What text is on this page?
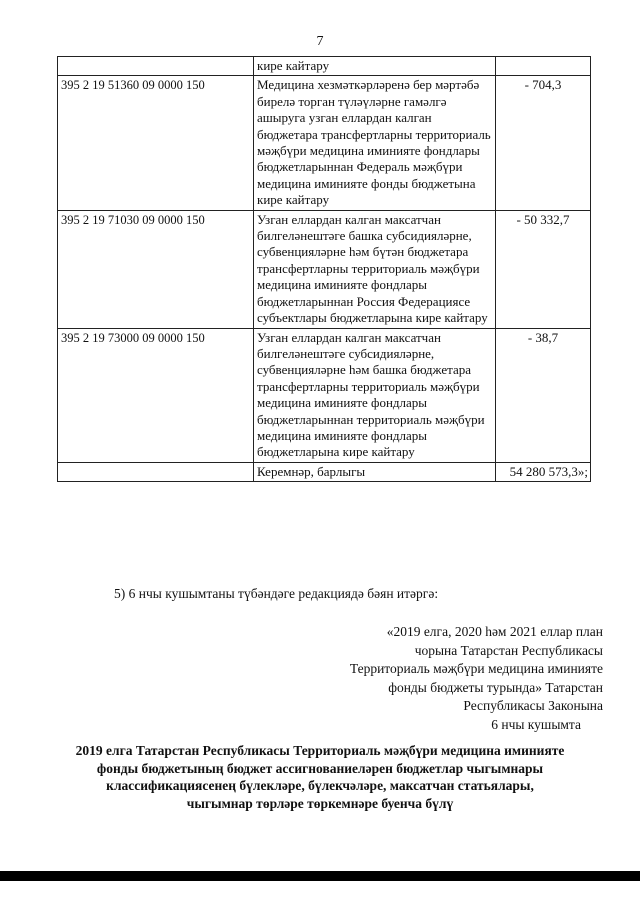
7
	кире кайтару	
395 2 19 51360 09 0000 150	Медицина хезмәткәрләренә бер мәртәбә бирелә торган түләүләрне гамәлгә ашыруга узган еллардан калган бюджетара трансфертларны территориаль мәҗбүри медицина иминияте фондлары бюджетларыннан Федераль мәҗбүри медицина иминияте фонды бюджетына кире кайтару	- 704,3
395 2 19 71030 09 0000 150	Узган еллардан калган максатчан билгеләнештәге башка субсидияләрне, субвенцияләрне һәм бүтән бюджетара трансфертларны территориаль мәҗбүри медицина иминияте фондлары бюджетларыннан Россия Федерациясе субъектлары бюджетларына кире кайтару	- 50 332,7
395 2 19 73000 09 0000 150	Узган еллардан калган максатчан билгеләнештәге субсидияләрне, субвенцияләрне һәм башка бюджетара трансфертларны территориаль мәҗбүри медицина иминияте фондлары бюджетларыннан территориаль мәҗбүри медицина иминияте фондлары бюджетларына кире кайтару	- 38,7
	Керемнәр, барлыгы	54 280 573,3»;
5) 6 нчы кушымтаны түбәндәге редакциядә бәян итәргә:
«2019 елга, 2020 һәм 2021 еллар план
чорына Татарстан Республикасы
Территориаль мәҗбүри медицина иминияте
фонды бюджеты турында» Татарстан
Республикасы Законына
6 нчы кушымта
2019 елга Татарстан Республикасы Территориаль мәҗбүри медицина иминияте
фонды бюджетының бюджет ассигнованиеләрен бюджетлар чыгымнары
классификациясенең бүлекләре, бүлекчәләре, максатчан статьялары,
чыгымнар төрләре төркемнәре буенча бүлү
